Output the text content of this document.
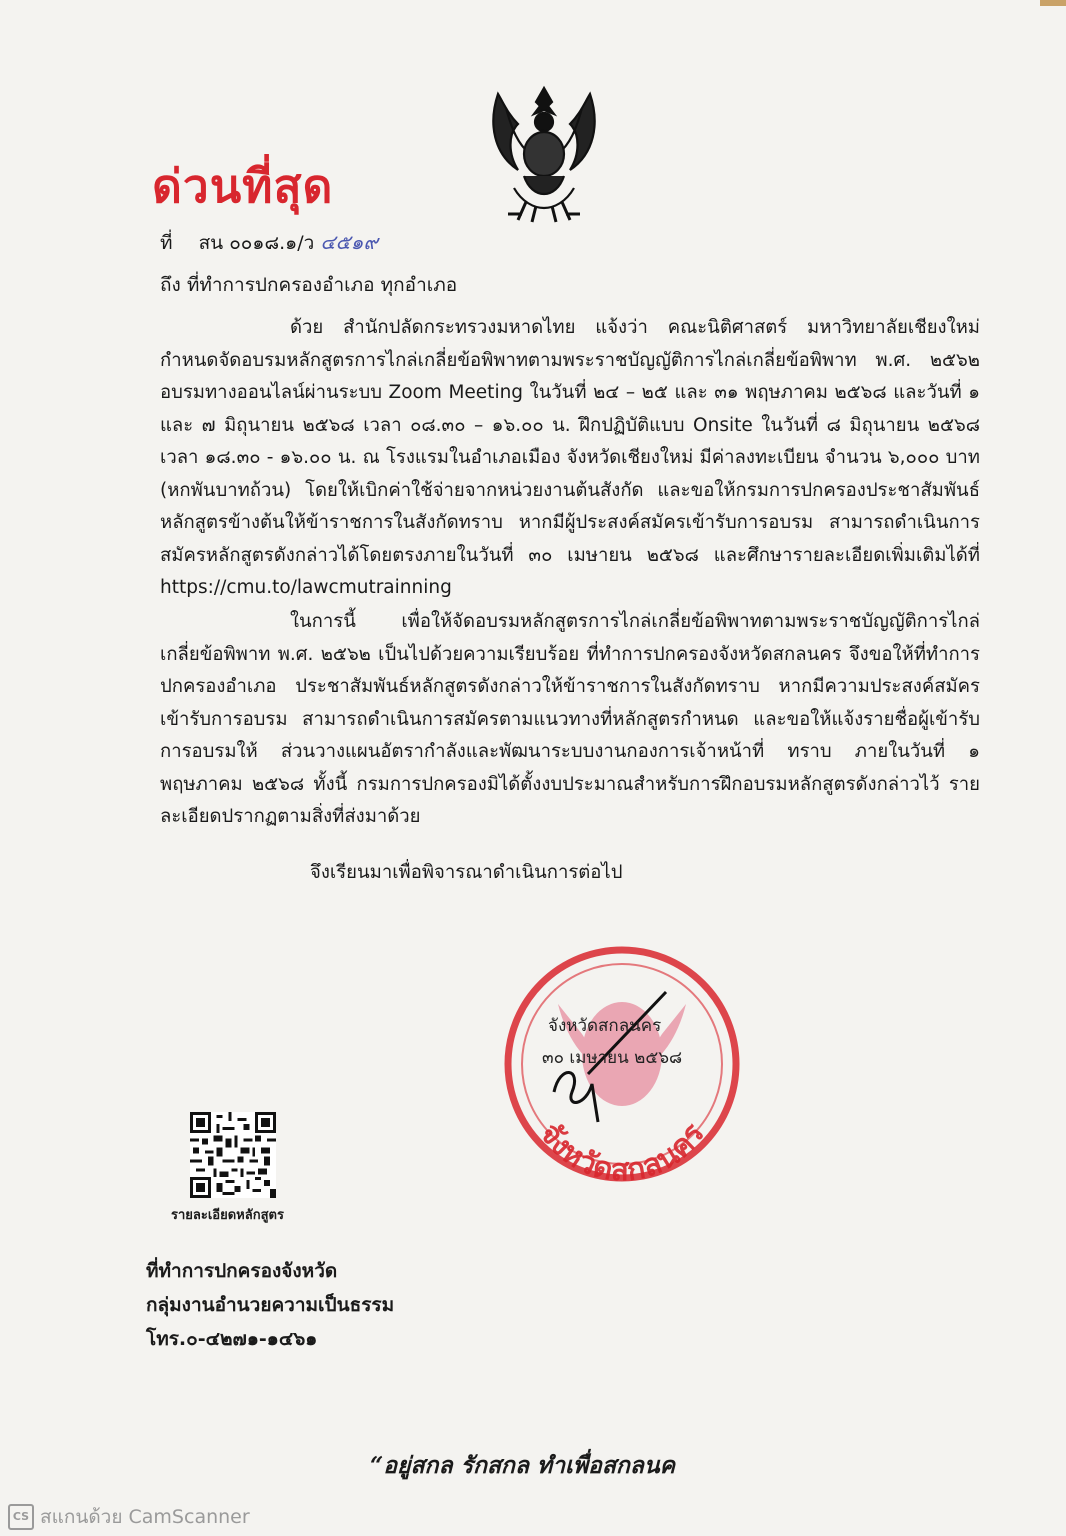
ด่วนที่สุด
ที่ สน ๐๐๑๘.๑/ว ๔๕๑๙
ถึง ที่ทำการปกครองอำเภอ ทุกอำเภอ
ด้วย สำนักปลัดกระทรวงมหาดไทย แจ้งว่า คณะนิติศาสตร์ มหาวิทยาลัยเชียงใหม่กำหนดจัดอบรมหลักสูตรการไกล่เกลี่ยข้อพิพาทตามพระราชบัญญัติการไกล่เกลี่ยข้อพิพาท พ.ศ. ๒๕๖๒ อบรมทางออนไลน์ผ่านระบบ Zoom Meeting ในวันที่ ๒๔ – ๒๕ และ ๓๑ พฤษภาคม ๒๕๖๘ และวันที่ ๑ และ ๗ มิถุนายน ๒๕๖๘ เวลา ๐๘.๓๐ – ๑๖.๐๐ น. ฝึกปฏิบัติแบบ Onsite ในวันที่ ๘ มิถุนายน ๒๕๖๘ เวลา ๑๘.๓๐ - ๑๖.๐๐ น. ณ โรงแรมในอำเภอเมือง จังหวัดเชียงใหม่ มีค่าลงทะเบียน จำนวน ๖,๐๐๐ บาท (หกพันบาทถ้วน) โดยให้เบิกค่าใช้จ่ายจากหน่วยงานต้นสังกัด และขอให้กรมการปกครองประชาสัมพันธ์หลักสูตรข้างต้นให้ข้าราชการในสังกัดทราบ หากมีผู้ประสงค์สมัครเข้ารับการอบรม สามารถดำเนินการสมัครหลักสูตรดังกล่าวได้โดยตรงภายในวันที่ ๓๐ เมษายน ๒๕๖๘ และศึกษารายละเอียดเพิ่มเติมได้ที่ https://cmu.to/lawcmutrainning
ในการนี้ เพื่อให้จัดอบรมหลักสูตรการไกล่เกลี่ยข้อพิพาทตามพระราชบัญญัติการไกล่เกลี่ยข้อพิพาท พ.ศ. ๒๕๖๒ เป็นไปด้วยความเรียบร้อย ที่ทำการปกครองจังหวัดสกลนคร จึงขอให้ที่ทำการปกครองอำเภอ ประชาสัมพันธ์หลักสูตรดังกล่าวให้ข้าราชการในสังกัดทราบ หากมีความประสงค์สมัครเข้ารับการอบรม สามารถดำเนินการสมัครตามแนวทางที่หลักสูตรกำหนด และขอให้แจ้งรายชื่อผู้เข้ารับการอบรมให้ ส่วนวางแผนอัตรากำลังและพัฒนาระบบงานกองการเจ้าหน้าที่ ทราบ ภายในวันที่ ๑ พฤษภาคม ๒๕๖๘ ทั้งนี้ กรมการปกครองมิได้ตั้งงบประมาณสำหรับการฝึกอบรมหลักสูตรดังกล่าวไว้ รายละเอียดปรากฏตามสิ่งที่ส่งมาด้วย
จึงเรียนมาเพื่อพิจารณาดำเนินการต่อไป
จังหวัดสกลนคร
จังหวัดสกลนคร
๓๐ เมษายน ๒๕๖๘
รายละเอียดหลักสูตร
ที่ทำการปกครองจังหวัด
กลุ่มงานอำนวยความเป็นธรรม
โทร.๐-๔๒๗๑-๑๔๖๑
“อยู่สกล รักสกล ทำเพื่อสกลนค
CS สแกนด้วย CamScanner
